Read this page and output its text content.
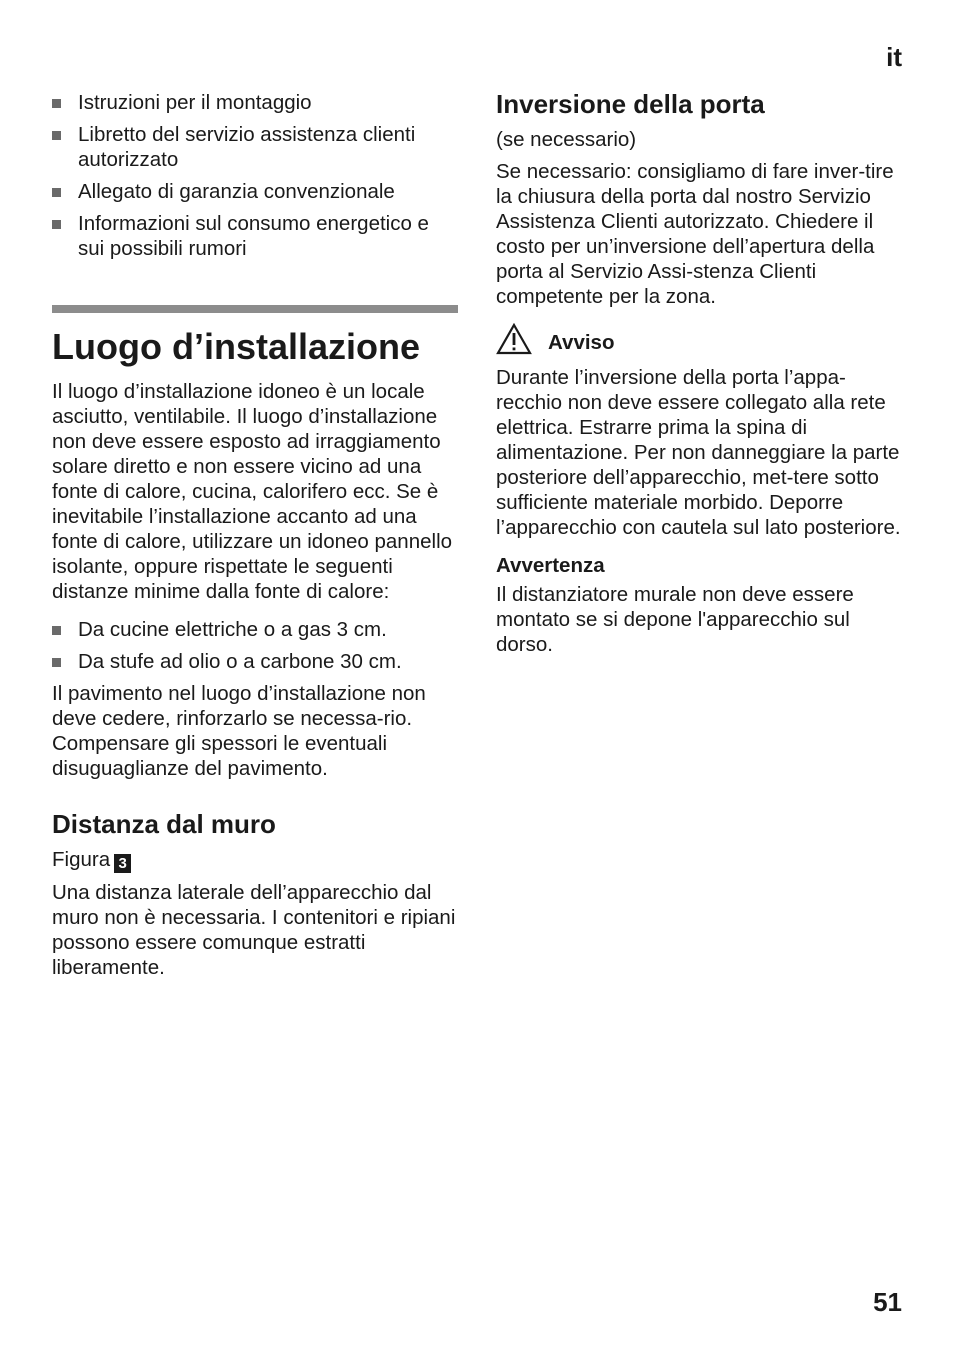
it
Istruzioni per il montaggio
Libretto del servizio assistenza clienti autorizzato
Allegato di garanzia convenzionale
Informazioni sul consumo energetico e sui possibili rumori
Luogo d’installazione

Il luogo d’installazione idoneo è un locale asciutto, ventilabile. Il luogo d’installazione non deve essere esposto ad irraggiamento solare diretto e non essere vicino ad una fonte di calore, cucina, calorifero ecc. Se è inevitabile l’installazione accanto ad una fonte di calore, utilizzare un idoneo pannello isolante, oppure rispettate le seguenti distanze minime dalla fonte di calore:

Da cucine elettriche o a gas 3 cm.
Da stufe ad olio o a carbone 30 cm.

Il pavimento nel luogo d’installazione non deve cedere, rinforzarlo se necessa-rio. Compensare gli spessori le eventuali disuguaglianze del pavimento.

Distanza dal muro

Figura 3

Una distanza laterale dell’apparecchio dal muro non è necessaria. I contenitori e ripiani possono essere comunque estratti liberamente.

Inversione della porta

(se necessario)

Se necessario: consigliamo di fare inver-tire la chiusura della porta dal nostro Servizio Assistenza Clienti autorizzato. Chiedere il costo per un’inversione dell’apertura della porta al Servizio Assi-stenza Clienti competente per la zona.

Avviso

Durante l’inversione della porta l’appa-recchio non deve essere collegato alla rete elettrica. Estrarre prima la spina di alimentazione. Per non danneggiare la parte posteriore dell’apparecchio, met-tere sotto sufficiente materiale morbido. Deporre l’apparecchio con cautela sul lato posteriore.

Avvertenza

Il distanziatore murale non deve essere montato se si depone l'apparecchio sul dorso.

51
